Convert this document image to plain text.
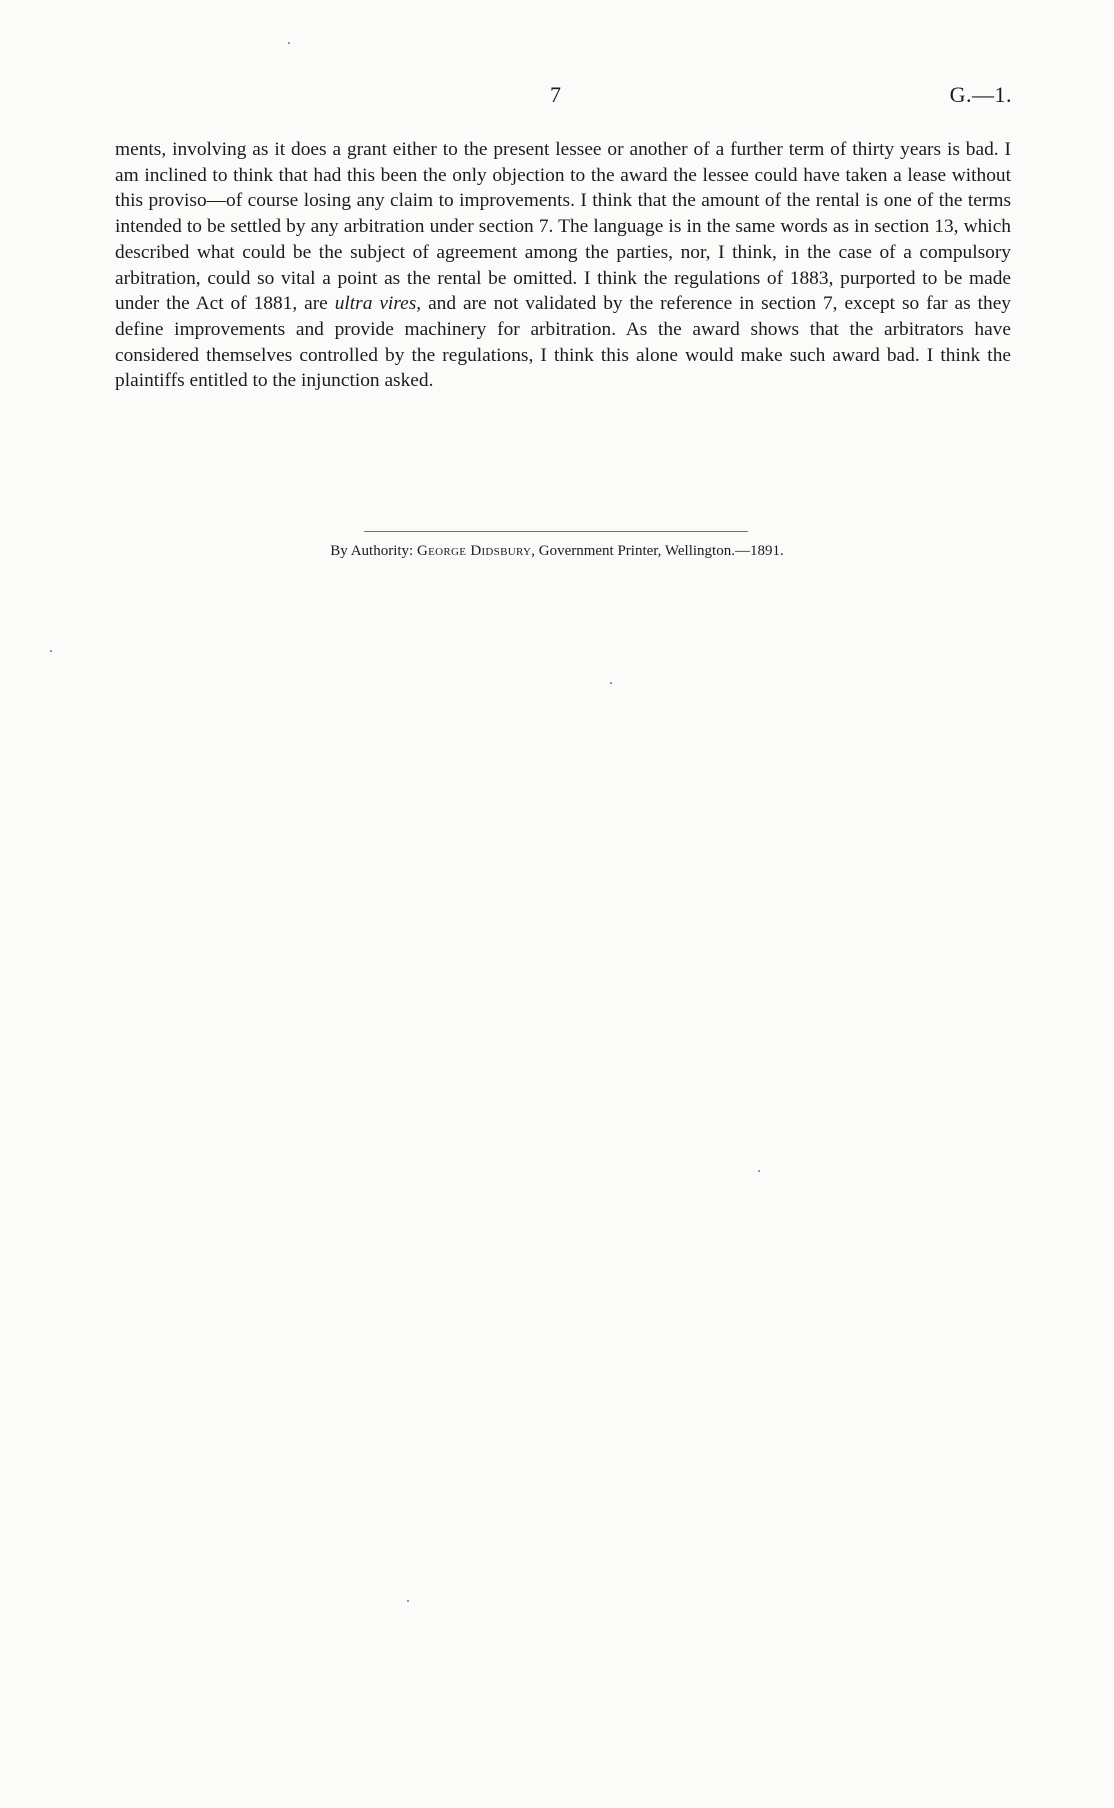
7	G.—1.

ments, involving as it does a grant either to the present lessee or another of a further term of thirty years is bad. I am inclined to think that had this been the only objection to the award the lessee could have taken a lease without this proviso—of course losing any claim to improvements. I think that the amount of the rental is one of the terms intended to be settled by any arbitration under section 7. The language is in the same words as in section 13, which described what could be the subject of agreement among the parties, nor, I think, in the case of a compulsory arbitration, could so vital a point as the rental be omitted. I think the regulations of 1883, purported to be made under the Act of 1881, are ultra vires, and are not validated by the reference in section 7, except so far as they define improvements and provide machinery for arbitration. As the award shows that the arbitrators have considered themselves controlled by the regulations, I think this alone would make such award bad. I think the plaintiffs entitled to the injunction asked.

By Authority: George Didsbury, Government Printer, Wellington.—1891.
